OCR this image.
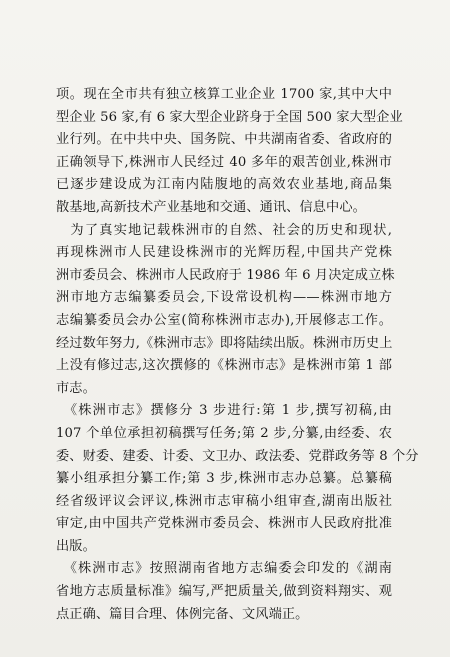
项。现在全市共有独立核算工业企业 1700 家,其中大中
型企业 56 家,有 6 家大型企业跻身于全国 500 家大型企业
业行列。在中共中央、国务院、中共湖南省委、省政府的
正确领导下,株洲市人民经过 40 多年的艰苦创业,株洲市
已逐步建设成为江南内陆腹地的高效农业基地,商品集
散基地,高新技术产业基地和交通、通讯、信息中心。
　为了真实地记载株洲市的自然、社会的历史和现状,
再现株洲市人民建设株洲市的光辉历程,中国共产党株
洲市委员会、株洲市人民政府于 1986 年 6 月决定成立株
洲市地方志编纂委员会,下设常设机构——株洲市地方
志编纂委员会办公室(简称株洲市志办),开展修志工作。
经过数年努力,《株洲市志》即将陆续出版。株洲市历史上
上没有修过志,这次撰修的《株洲市志》是株洲市第 1 部
市志。
　《株洲市志》撰修分 3 步进行:第 1 步,撰写初稿,由
107 个单位承担初稿撰写任务;第 2 步,分纂,由经委、农
委、财委、建委、计委、文卫办、政法委、党群政务等 8 个分
纂小组承担分纂工作;第 3 步,株洲市志办总纂。总纂稿
经省级评议会评议,株洲市志审稿小组审查,湖南出版社
审定,由中国共产党株洲市委员会、株洲市人民政府批准
出版。
　《株洲市志》按照湖南省地方志编委会印发的《湖南
省地方志质量标准》编写,严把质量关,做到资料翔实、观
点正确、篇目合理、体例完备、文风端正。
